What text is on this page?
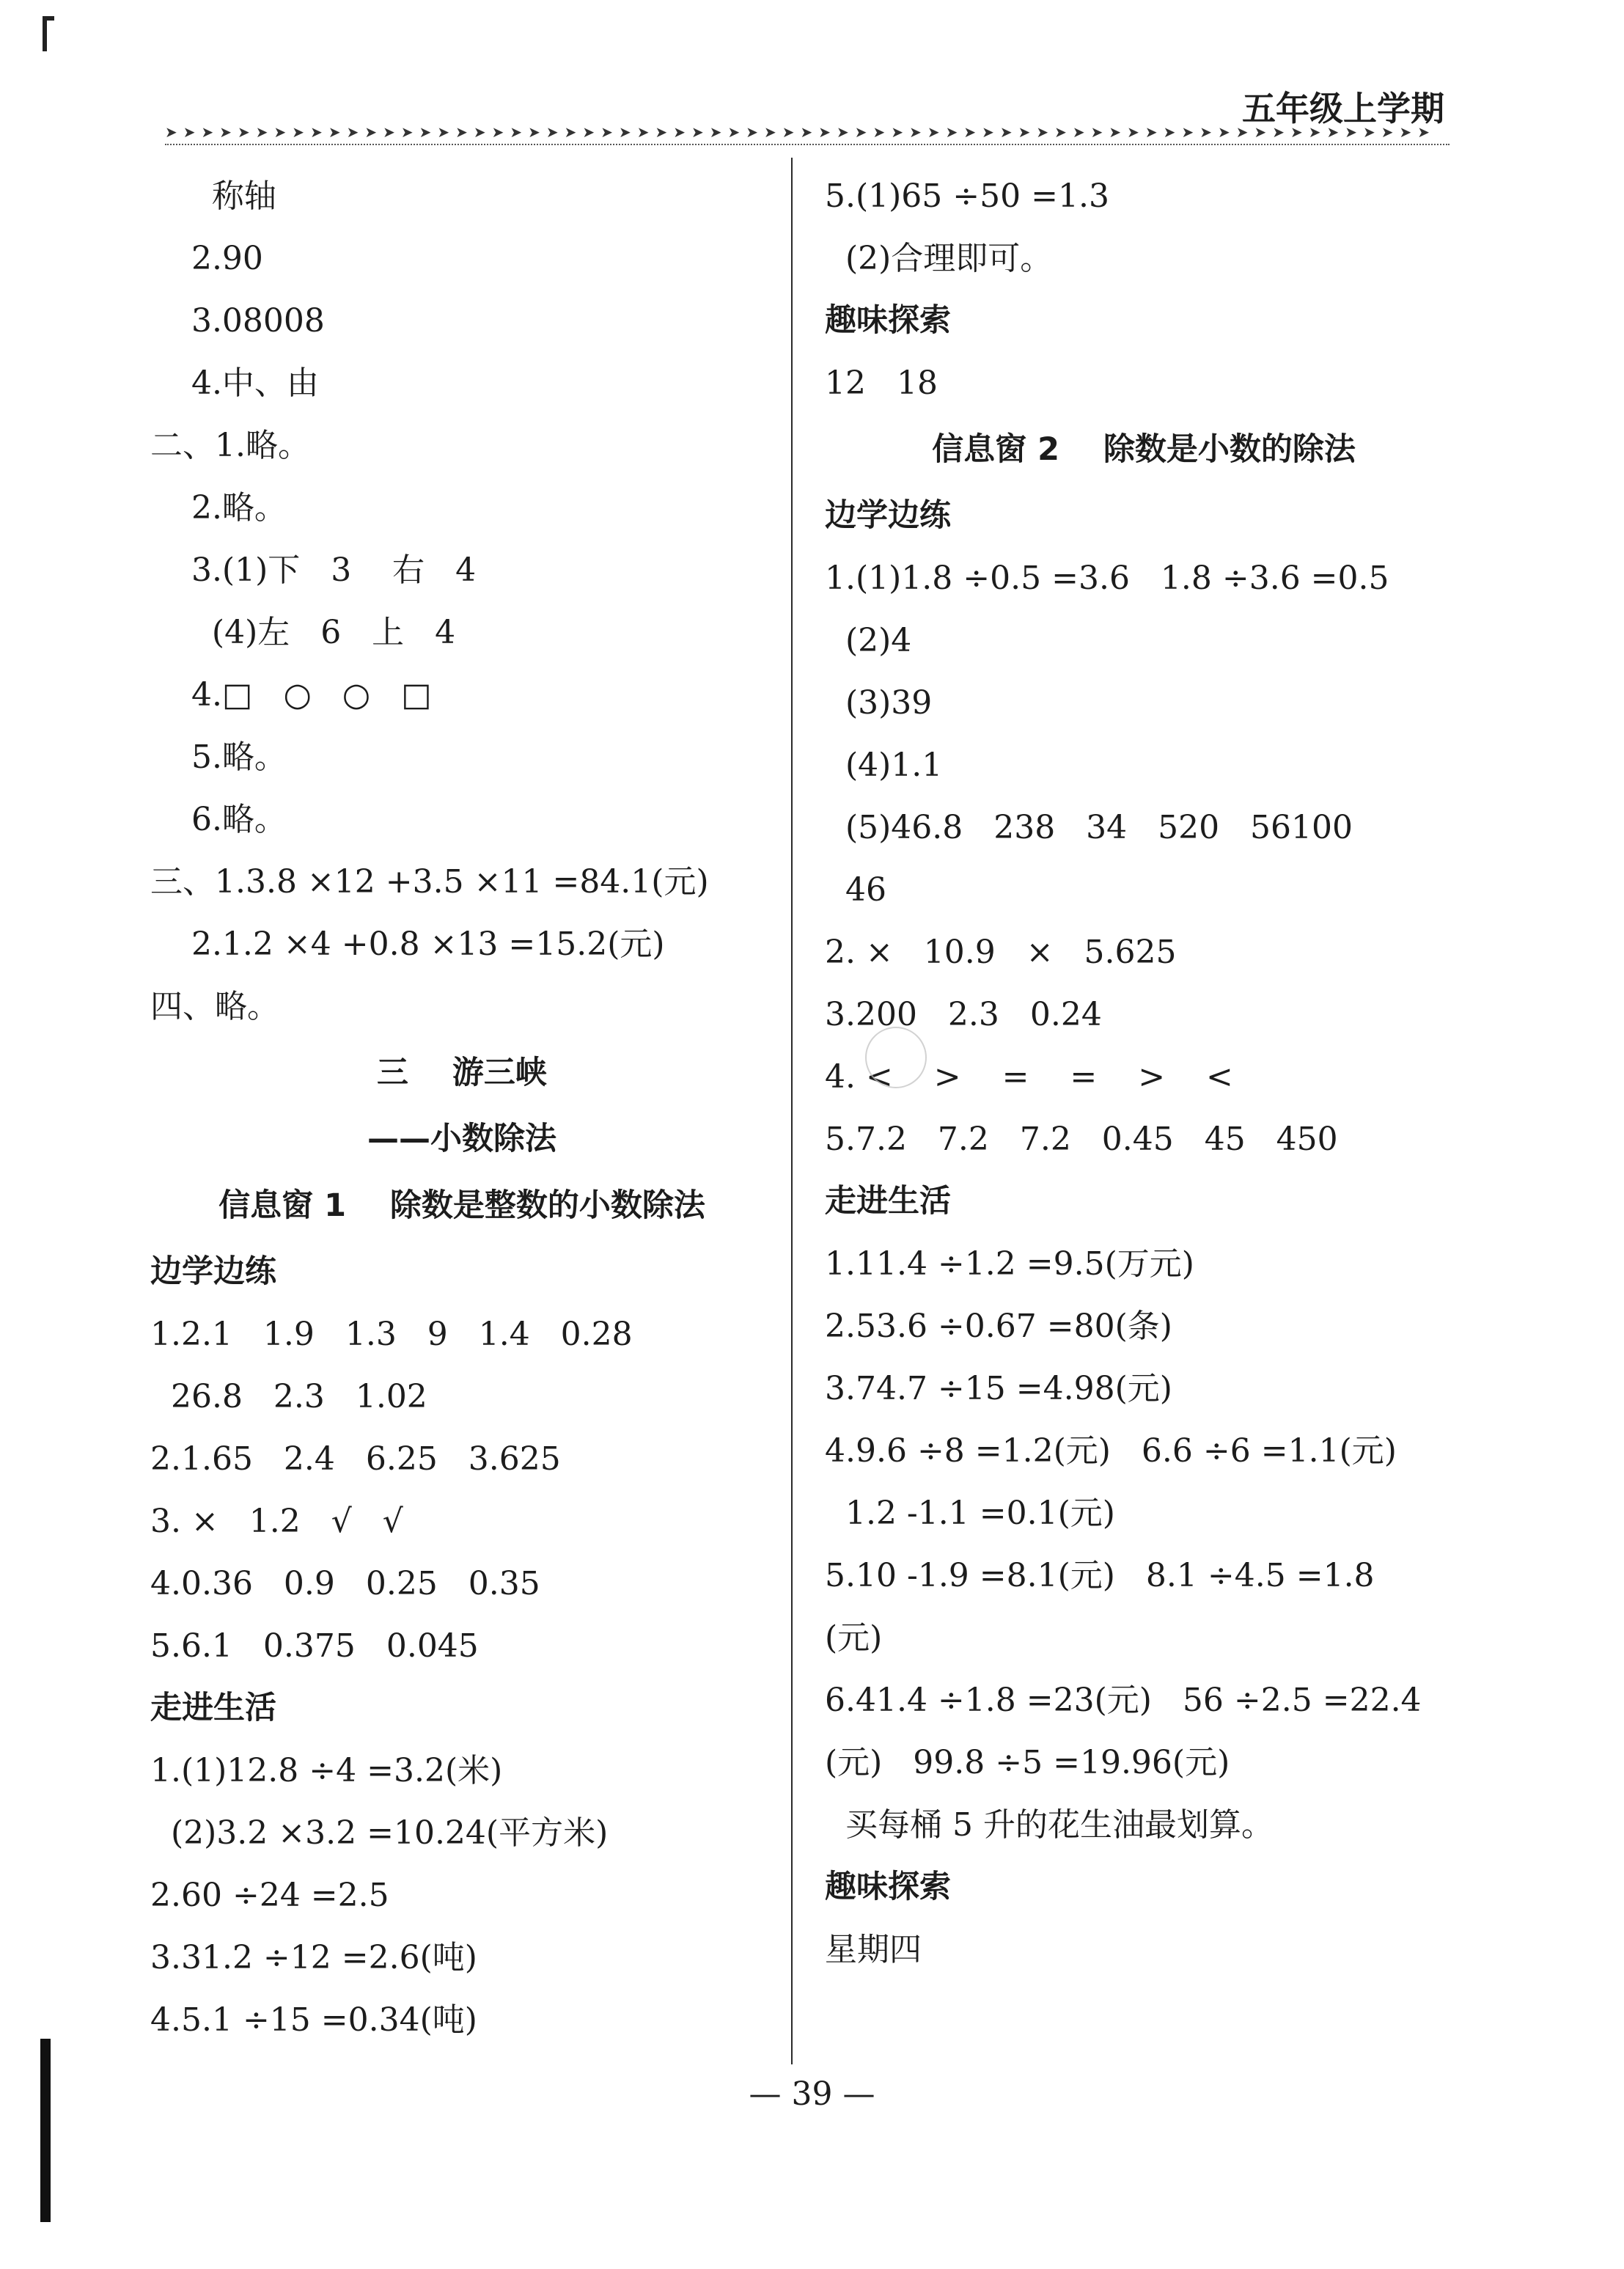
五年级上学期
➤➤➤➤➤➤➤➤➤➤➤➤➤➤➤➤➤➤➤➤➤➤➤➤➤➤➤➤➤➤➤➤➤➤➤➤➤➤➤➤➤➤➤➤➤➤➤➤➤➤➤➤➤➤➤➤➤➤➤➤➤➤➤➤➤➤➤➤➤➤
称轴
2.90
3.08008
4.中、由
二、1.略。
2.略。
3.(1)下   3    右   4
(4)左   6   上   4
4.□   ○   ○   □
5.略。
6.略。
三、1.3.8 ×12 +3.5 ×11 =84.1(元)
2.1.2 ×4 +0.8 ×13 =15.2(元)
四、略。
三    游三峡
——小数除法
信息窗 1    除数是整数的小数除法
边学边练
1.2.1   1.9   1.3   9   1.4   0.28
26.8   2.3   1.02
2.1.65   2.4   6.25   3.625
3. ×   1.2   √   √
4.0.36   0.9   0.25   0.35
5.6.1   0.375   0.045
走进生活
1.(1)12.8 ÷4 =3.2(米)
(2)3.2 ×3.2 =10.24(平方米)
2.60 ÷24 =2.5
3.31.2 ÷12 =2.6(吨)
4.5.1 ÷15 =0.34(吨)
5.(1)65 ÷50 =1.3
(2)合理即可。
趣味探索
12   18
信息窗 2    除数是小数的除法
边学边练
1.(1)1.8 ÷0.5 =3.6   1.8 ÷3.6 =0.5
(2)4
(3)39
(4)1.1
(5)46.8   238   34   520   56100
46
2. ×   10.9   ×   5.625
3.200   2.3   0.24
4. <    >    =    =    >    <
5.7.2   7.2   7.2   0.45   45   450
走进生活
1.11.4 ÷1.2 =9.5(万元)
2.53.6 ÷0.67 =80(条)
3.74.7 ÷15 =4.98(元)
4.9.6 ÷8 =1.2(元)   6.6 ÷6 =1.1(元)
1.2 -1.1 =0.1(元)
5.10 -1.9 =8.1(元)   8.1 ÷4.5 =1.8
(元)
6.41.4 ÷1.8 =23(元)   56 ÷2.5 =22.4
(元)   99.8 ÷5 =19.96(元)
买每桶 5 升的花生油最划算。
趣味探索
星期四
— 39 —
